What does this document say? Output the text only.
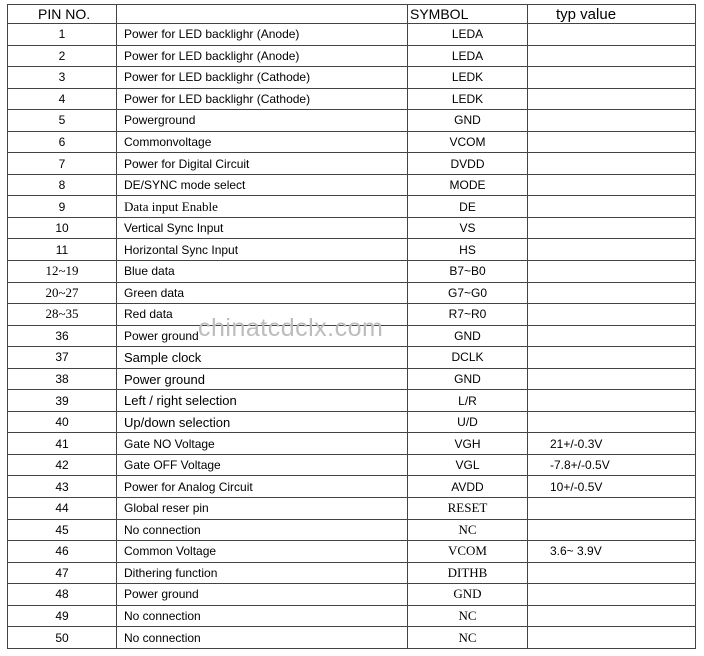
PIN NO.		SYMBOL	typ value
1	Power for LED backlighr (Anode)	LEDA	
2	Power for LED backlighr (Anode)	LEDA	
3	Power for LED backlighr (Cathode)	LEDK	
4	Power for LED backlighr (Cathode)	LEDK	
5	Powerground	GND	
6	Commonvoltage	VCOM	
7	Power for Digital Circuit	DVDD	
8	DE/SYNC mode select	MODE	
9	Data input Enable	DE	
10	Vertical Sync Input	VS	
11	Horizontal Sync Input	HS	
12~19	Blue data	B7~B0	
20~27	Green data	G7~G0	
28~35	Red data	R7~R0	
36	Power ground	GND	
37	Sample clock	DCLK	
38	Power ground	GND	
39	Left / right selection	L/R	
40	Up/down selection	U/D	
41	Gate NO Voltage	VGH	21+/-0.3V
42	Gate OFF Voltage	VGL	-7.8+/-0.5V
43	Power for Analog Circuit	AVDD	10+/-0.5V
44	Global reser pin	RESET	
45	No connection	NC	
46	Common Voltage	VCOM	3.6~ 3.9V
47	Dithering function	DITHB	
48	Power ground	GND	
49	No connection	NC	
50	No connection	NC	
chinatcdclx.com
